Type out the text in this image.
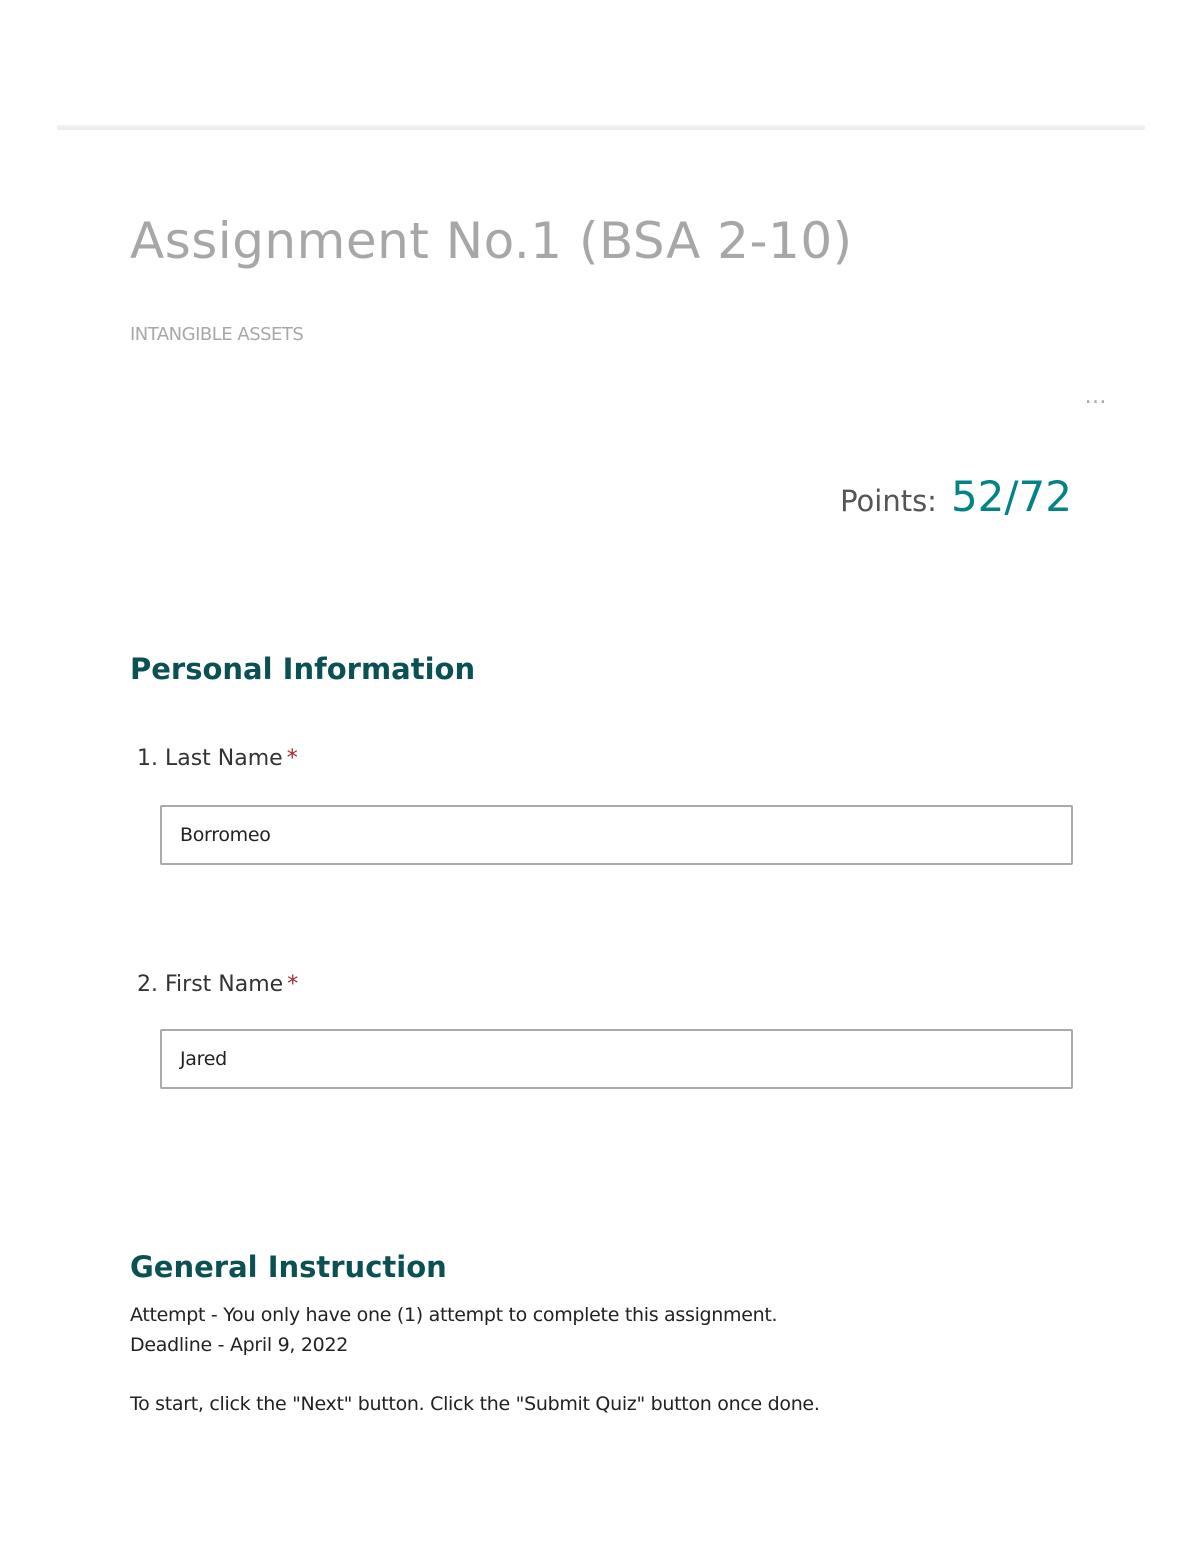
Assignment No.1 (BSA 2-10)
INTANGIBLE ASSETS
…
Points: 52/72
Personal Information
1. Last Name *
Borromeo
2. First Name *
Jared
General Instruction
Attempt - You only have one (1) attempt to complete this assignment.
Deadline - April 9, 2022
To start, click the "Next" button. Click the "Submit Quiz" button once done.
